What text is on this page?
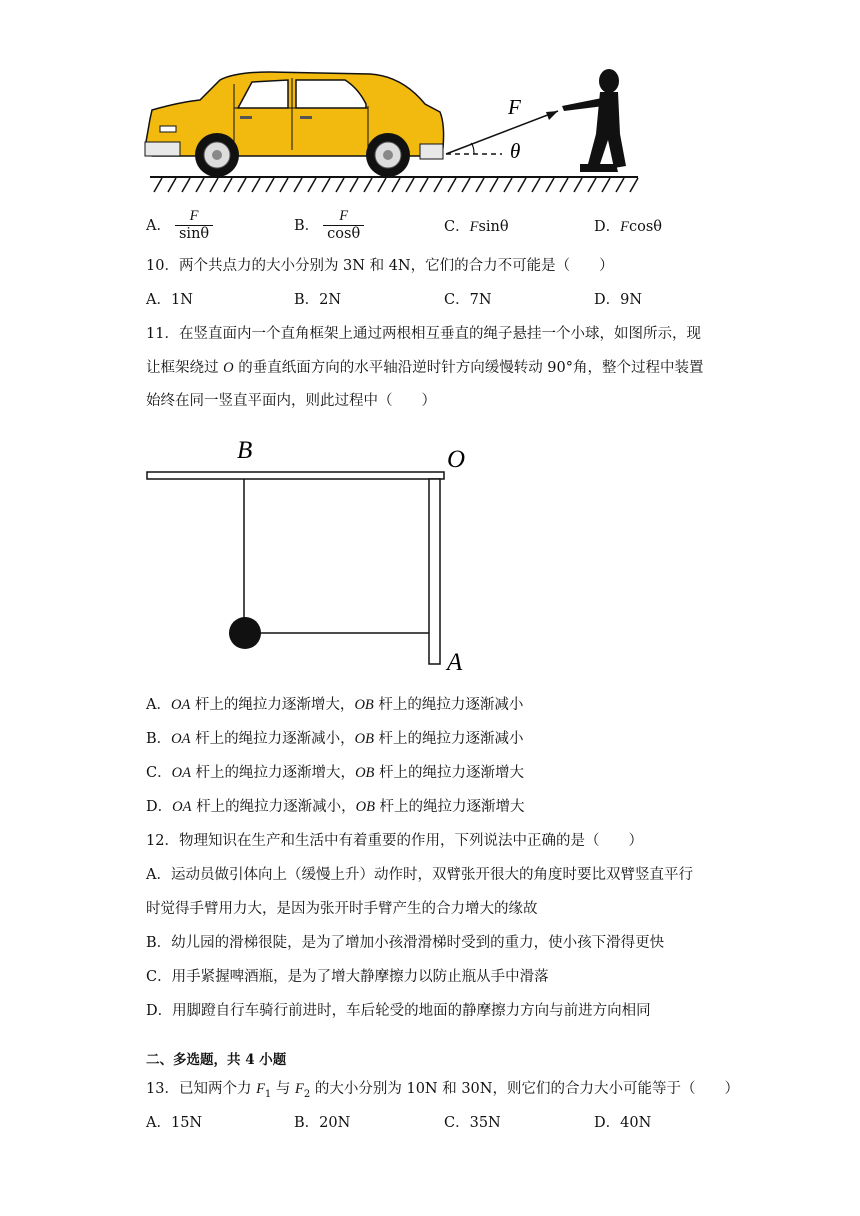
F
θ
A． $\frac{F}{\sin\theta}$	B． $\frac{F}{\cos\theta}$	C．Fsinθ	D．Fcosθ
10．两个共点力的大小分别为 3N 和 4N，它们的合力不可能是（　　）
A．1N	B．2N	C．7N	D．9N
11．在竖直面内一个直角框架上通过两根相互垂直的绳子悬挂一个小球，如图所示，现
让框架绕过 O 的垂直纸面方向的水平轴沿逆时针方向缓慢转动 90°角，整个过程中装置
始终在同一竖直平面内，则此过程中（　　）
B	O
A
A．OA 杆上的绳拉力逐渐增大，OB 杆上的绳拉力逐渐减小
B．OA 杆上的绳拉力逐渐减小，OB 杆上的绳拉力逐渐减小
C．OA 杆上的绳拉力逐渐增大，OB 杆上的绳拉力逐渐增大
D．OA 杆上的绳拉力逐渐减小，OB 杆上的绳拉力逐渐增大
12．物理知识在生产和生活中有着重要的作用，下列说法中正确的是（　　）
A．运动员做引体向上（缓慢上升）动作时，双臂张开很大的角度时要比双臂竖直平行
时觉得手臂用力大，是因为张开时手臂产生的合力增大的缘故
B．幼儿园的滑梯很陡，是为了增加小孩滑滑梯时受到的重力，使小孩下滑得更快
C．用手紧握啤酒瓶，是为了增大静摩擦力以防止瓶从手中滑落
D．用脚蹬自行车骑行前进时，车后轮受的地面的静摩擦力方向与前进方向相同
二、多选题，共 4 小题
13．已知两个力 $F_1$ 与 $F_2$ 的大小分别为 10N 和 30N，则它们的合力大小可能等于（　　）
A．15N	B．20N	C．35N	D．40N
